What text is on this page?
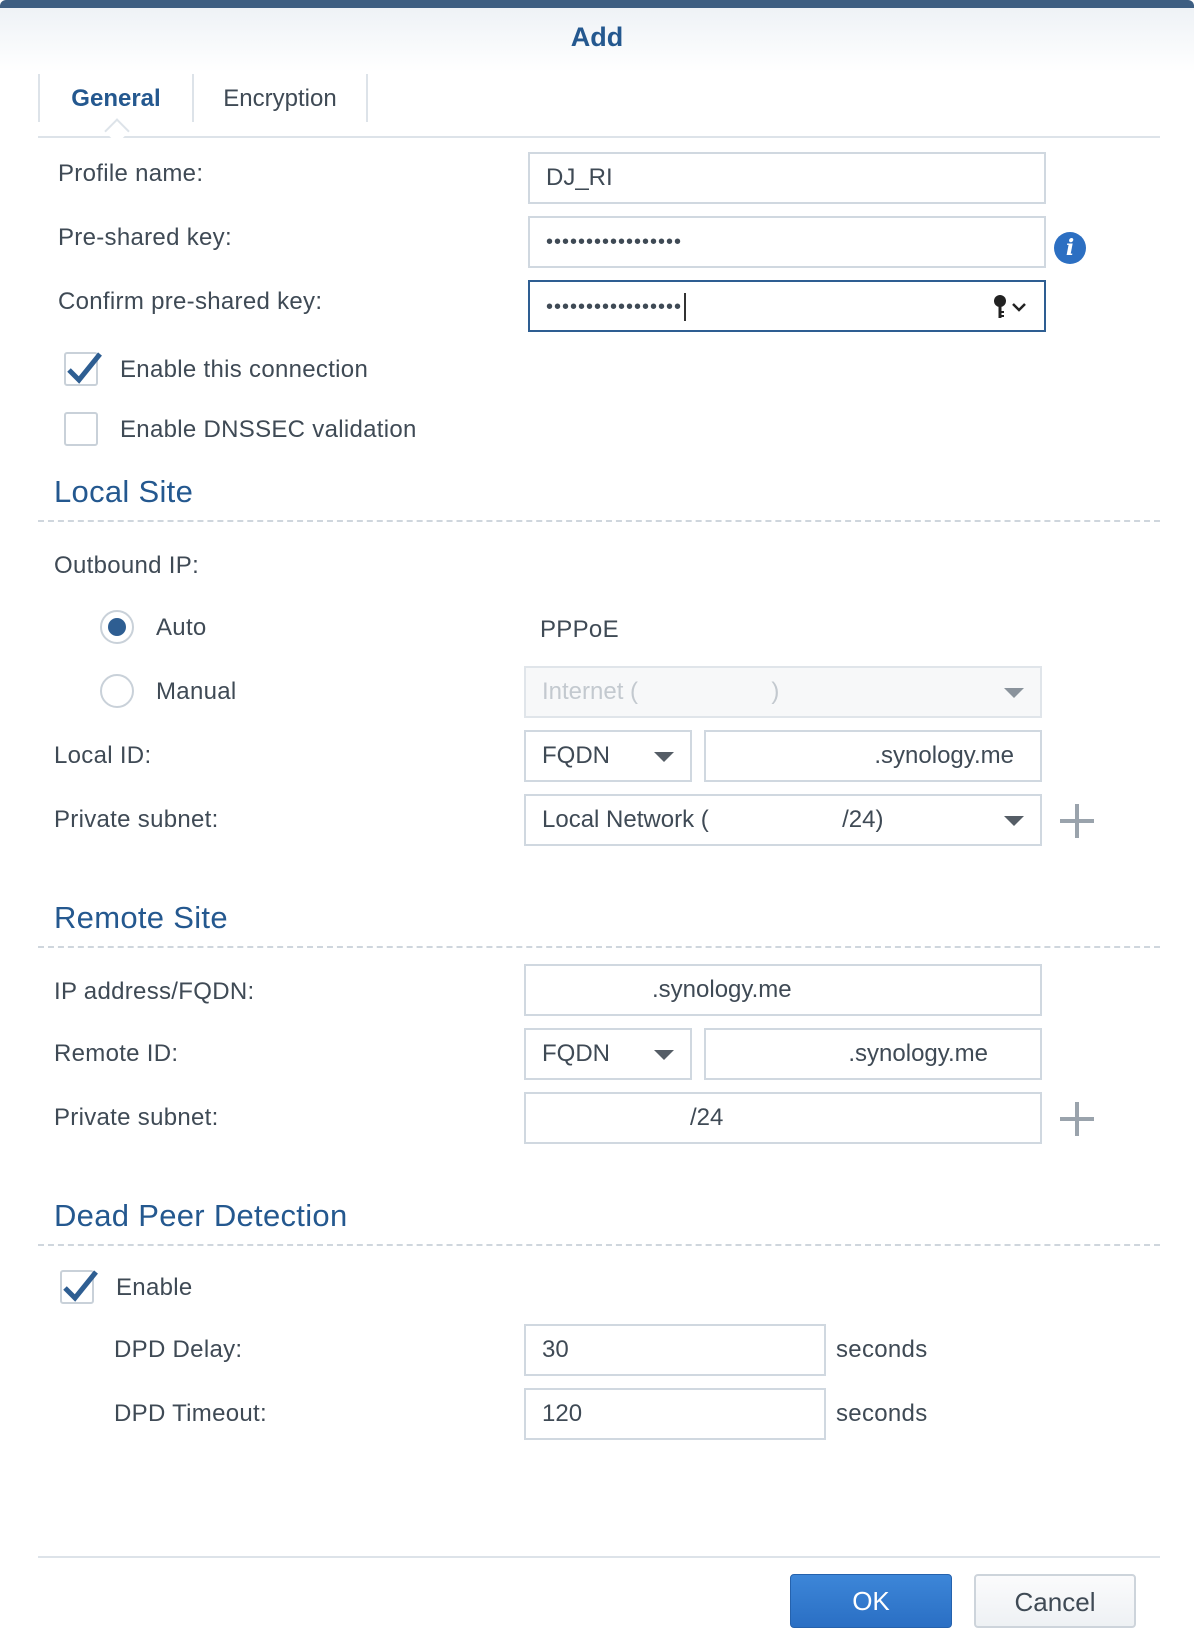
Add
General	Encryption
Profile name:	DJ_RI
Pre-shared key:	•••••••••••••••••	i
Confirm pre-shared key:	•••••••••••••••••
Enable this connection
Enable DNSSEC validation
Local Site
Outbound IP:
Auto	PPPoE
Manual	Internet (                    )
Local ID:	FQDN	.synology.me
Private subnet:	Local Network (                    /24)
Remote Site
IP address/FQDN:	.synology.me
Remote ID:	FQDN	.synology.me
Private subnet:	/24
Dead Peer Detection
Enable
DPD Delay:	30	seconds
DPD Timeout:	120	seconds
OK	Cancel
